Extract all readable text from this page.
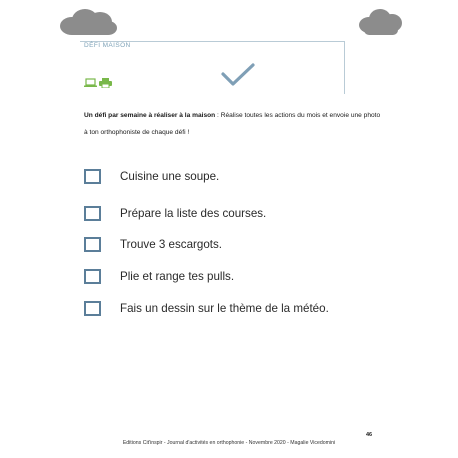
DÉFI MAISON
Un défi par semaine à réaliser à la maison : Réalise toutes les actions du mois et envoie une photo à ton orthophoniste de chaque défi !
Cuisine une soupe.
Prépare la liste des courses.
Trouve 3 escargots.
Plie et range tes pulls.
Fais un dessin sur le thème de la météo.
46
Editions Cit'inspir - Journal d'activités en orthophonie - Novembre 2020 - Magalie Vicedomini
